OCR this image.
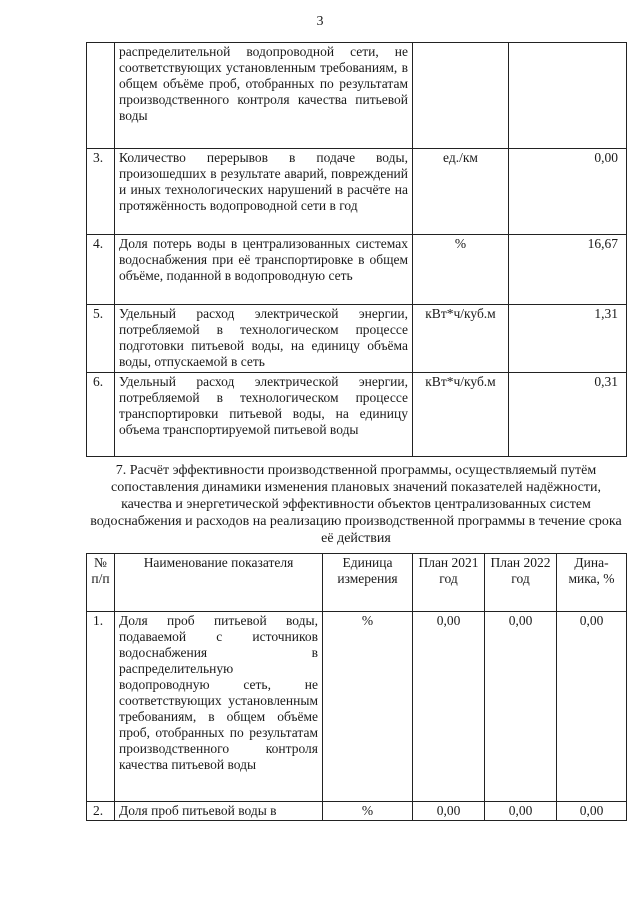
3
	распределительной водопроводной сети, не соответствующих установленным требованиям, в общем объёме проб, отобранных по результатам производственного контроля качества питьевой воды		
3.	Количество перерывов в подаче воды, произошедших в результате аварий, повреждений и иных технологических нарушений в расчёте на протяжённость водопроводной сети в год	ед./км	0,00
4.	Доля потерь воды в централизованных системах водоснабжения при её транспортировке в общем объёме, поданной в водопроводную сеть	%	16,67
5.	Удельный расход электрической энергии, потребляемой в технологическом процессе подготовки питьевой воды, на единицу объёма воды, отпускаемой в сеть	кВт*ч/куб.м	1,31
6.	Удельный расход электрической энергии, потребляемой в технологическом процессе транспортировки питьевой воды, на единицу объема транспортируемой питьевой воды	кВт*ч/куб.м	0,31
7. Расчёт эффективности производственной программы, осуществляемый путём сопоставления динамики изменения плановых значений показателей надёжности, качества и энергетической эффективности объектов централизованных систем водоснабжения и расходов на реализацию производственной программы в течение срока её действия
№ п/п	Наименование показателя	Единица измерения	План 2021 год	План 2022 год	Дина-мика, %
1.	Доля проб питьевой воды, подаваемой с источников водоснабжения в распределительную водопроводную сеть, не соответствующих установленным требованиям, в общем объёме проб, отобранных по результатам производственного контроля качества питьевой воды	%	0,00	0,00	0,00
2.	Доля проб питьевой воды в	%	0,00	0,00	0,00
